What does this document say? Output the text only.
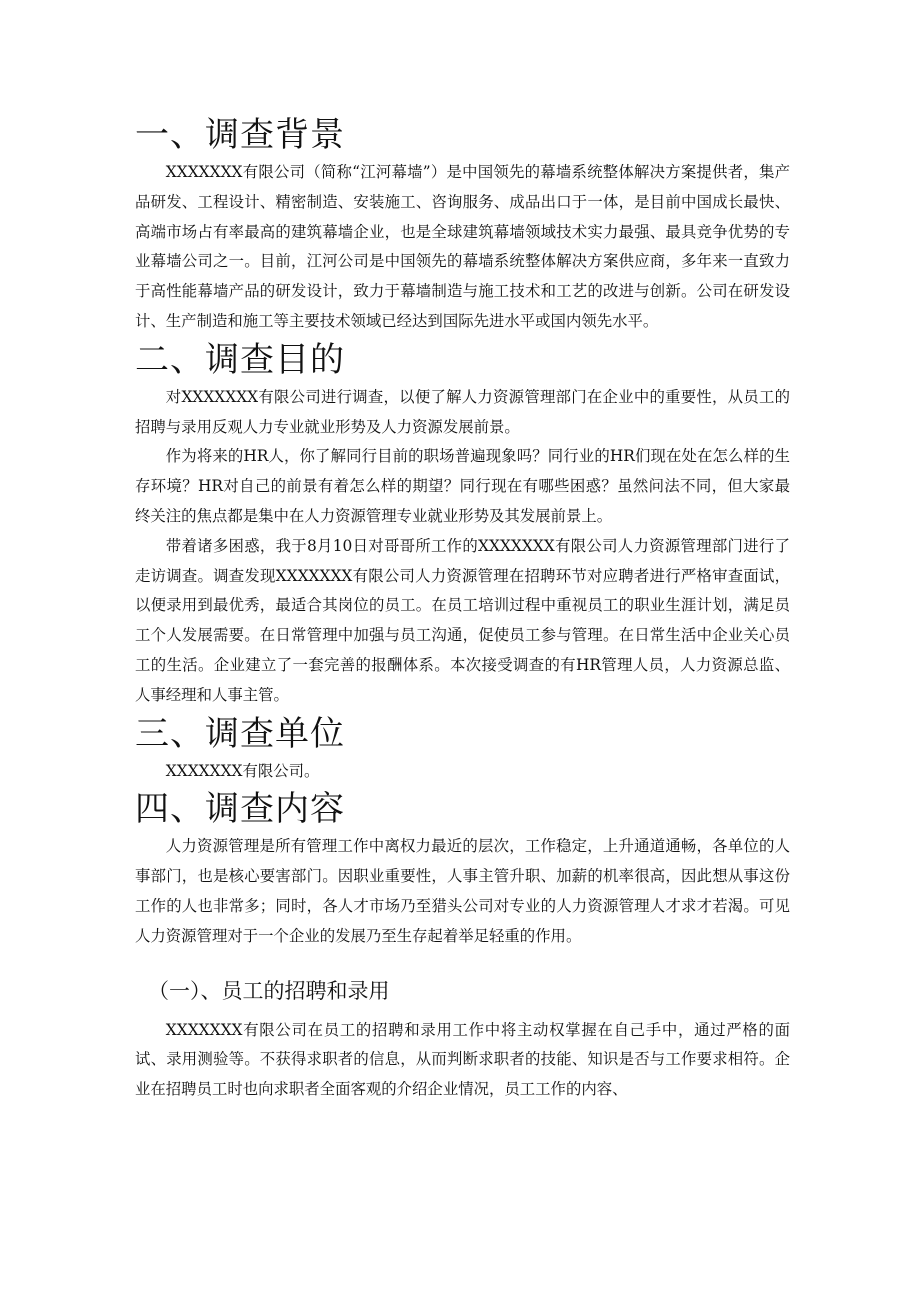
一、调查背景

XXXXXXX有限公司（简称“江河幕墙”）是中国领先的幕墙系统整体解决方案提供者，集产品研发、工程设计、精密制造、安装施工、咨询服务、成品出口于一体，是目前中国成长最快、高端市场占有率最高的建筑幕墙企业，也是全球建筑幕墙领域技术实力最强、最具竞争优势的专业幕墙公司之一。目前，江河公司是中国领先的幕墙系统整体解决方案供应商，多年来一直致力于高性能幕墙产品的研发设计，致力于幕墙制造与施工技术和工艺的改进与创新。公司在研发设计、生产制造和施工等主要技术领域已经达到国际先进水平或国内领先水平。

二、调查目的

对XXXXXXX有限公司进行调查，以便了解人力资源管理部门在企业中的重要性，从员工的招聘与录用反观人力专业就业形势及人力资源发展前景。

作为将来的HR人，你了解同行目前的职场普遍现象吗？同行业的HR们现在处在怎么样的生存环境？HR对自己的前景有着怎么样的期望？同行现在有哪些困惑？虽然问法不同，但大家最终关注的焦点都是集中在人力资源管理专业就业形势及其发展前景上。

带着诸多困惑，我于8月10日对哥哥所工作的XXXXXXX有限公司人力资源管理部门进行了走访调查。调查发现XXXXXXX有限公司人力资源管理在招聘环节对应聘者进行严格审查面试，以便录用到最优秀，最适合其岗位的员工。在员工培训过程中重视员工的职业生涯计划，满足员工个人发展需要。在日常管理中加强与员工沟通，促使员工参与管理。在日常生活中企业关心员工的生活。企业建立了一套完善的报酬体系。本次接受调查的有HR管理人员，人力资源总监、人事经理和人事主管。

三、调查单位

XXXXXXX有限公司。

四、调查内容

人力资源管理是所有管理工作中离权力最近的层次，工作稳定，上升通道通畅，各单位的人事部门，也是核心要害部门。因职业重要性，人事主管升职、加薪的机率很高，因此想从事这份工作的人也非常多；同时，各人才市场乃至猎头公司对专业的人力资源管理人才求才若渴。可见人力资源管理对于一个企业的发展乃至生存起着举足轻重的作用。

（一）、员工的招聘和录用

XXXXXXX有限公司在员工的招聘和录用工作中将主动权掌握在自己手中，通过严格的面试、录用测验等。不获得求职者的信息，从而判断求职者的技能、知识是否与工作要求相符。企业在招聘员工时也向求职者全面客观的介绍企业情况，员工工作的内容、
